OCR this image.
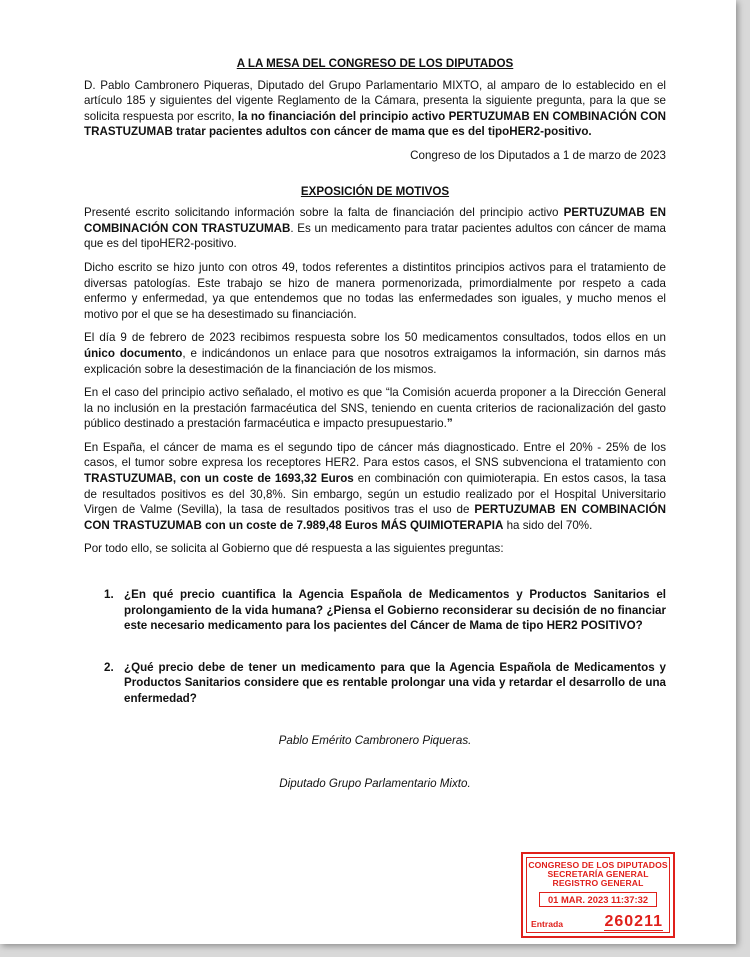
A LA MESA DEL CONGRESO DE LOS DIPUTADOS

D. Pablo Cambronero Piqueras, Diputado del Grupo Parlamentario MIXTO, al amparo de lo establecido en el artículo 185 y siguientes del vigente Reglamento de la Cámara, presenta la siguiente pregunta, para la que se solicita respuesta por escrito, la no financiación del principio activo PERTUZUMAB EN COMBINACIÓN CON TRASTUZUMAB tratar pacientes adultos con cáncer de mama que es del tipoHER2-positivo.

Congreso de los Diputados a 1 de marzo de 2023

EXPOSICIÓN DE MOTIVOS

Presenté escrito solicitando información sobre la falta de financiación del principio activo PERTUZUMAB EN COMBINACIÓN CON TRASTUZUMAB. Es un medicamento para tratar pacientes adultos con cáncer de mama que es del tipoHER2-positivo.

Dicho escrito se hizo junto con otros 49, todos referentes a distintitos principios activos para el tratamiento de diversas patologías. Este trabajo se hizo de manera pormenorizada, primordialmente por respeto a cada enfermo y enfermedad, ya que entendemos que no todas las enfermedades son iguales, y mucho menos el motivo por el que se ha desestimado su financiación.

El día 9 de febrero de 2023 recibimos respuesta sobre los 50 medicamentos consultados, todos ellos en un único documento, e indicándonos un enlace para que nosotros extraigamos la información, sin darnos más explicación sobre la desestimación de la financiación de los mismos.

En el caso del principio activo señalado, el motivo es que “la Comisión acuerda proponer a la Dirección General la no inclusión en la prestación farmacéutica del SNS, teniendo en cuenta criterios de racionalización del gasto público destinado a prestación farmacéutica e impacto presupuestario.”

En España, el cáncer de mama es el segundo tipo de cáncer más diagnosticado. Entre el 20% - 25% de los casos, el tumor sobre expresa los receptores HER2. Para estos casos, el SNS subvenciona el tratamiento con TRASTUZUMAB, con un coste de 1693,32 Euros en combinación con quimioterapia. En estos casos, la tasa de resultados positivos es del 30,8%. Sin embargo, según un estudio realizado por el Hospital Universitario Virgen de Valme (Sevilla), la tasa de resultados positivos tras el uso de PERTUZUMAB EN COMBINACIÓN CON TRASTUZUMAB con un coste de 7.989,48 Euros MÁS QUIMIOTERAPIA ha sido del 70%.

Por todo ello, se solicita al Gobierno que dé respuesta a las siguientes preguntas:

1. ¿En qué precio cuantifica la Agencia Española de Medicamentos y Productos Sanitarios el prolongamiento de la vida humana? ¿Piensa el Gobierno reconsiderar su decisión de no financiar este necesario medicamento para los pacientes del Cáncer de Mama de tipo HER2 POSITIVO?
2. ¿Qué precio debe de tener un medicamento para que la Agencia Española de Medicamentos y Productos Sanitarios considere que es rentable prolongar una vida y retardar el desarrollo de una enfermedad?

Pablo Emérito Cambronero Piqueras.

Diputado Grupo Parlamentario Mixto.

CONGRESO DE LOS DIPUTADOS
SECRETARÍA GENERAL
REGISTRO GENERAL
01 MAR. 2023 11:37:32
Entrada	260211
